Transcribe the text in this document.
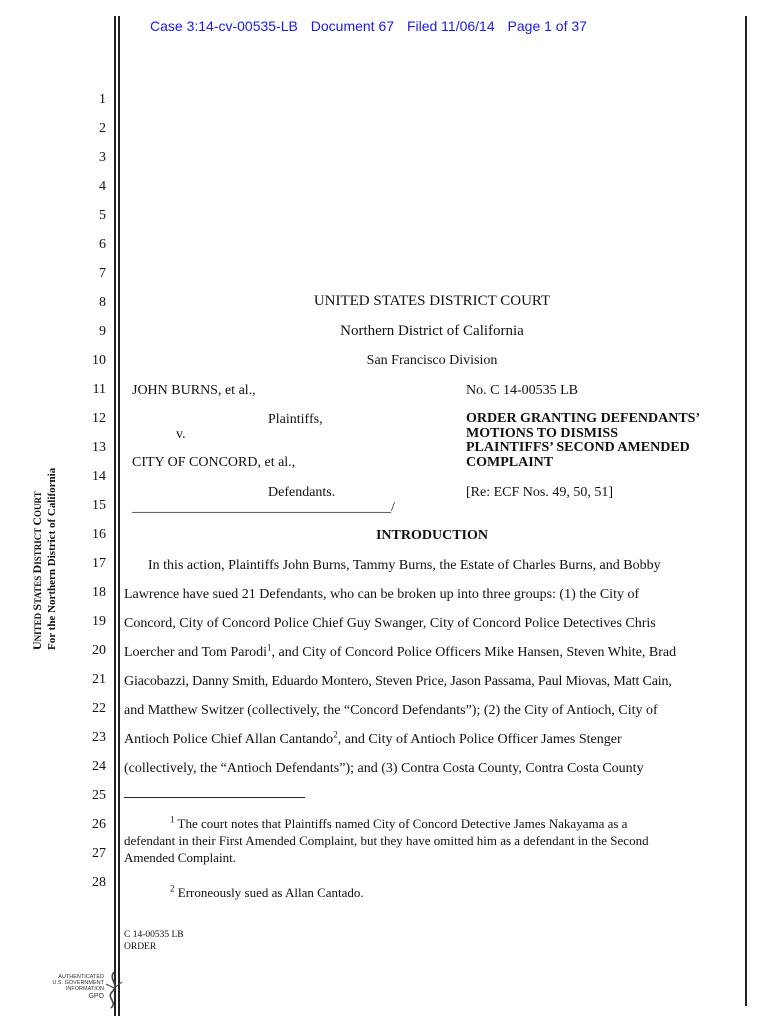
Case 3:14-cv-00535-LB Document 67 Filed 11/06/14 Page 1 of 37
1
2
3
4
5
6
7
8
9
10
11
12
13
14
15
16
17
18
19
20
21
22
23
24
25
26
27
28
UNITED STATES DISTRICT COURT For the Northern District of California
UNITED STATES DISTRICT COURT
Northern District of California
San Francisco Division
JOHN BURNS, et al.,
Plaintiffs,
v.
CITY OF CONCORD, et al.,
Defendants.
_____________________________________/
No. C 14-00535 LB
ORDER GRANTING DEFENDANTS’
MOTIONS TO DISMISS
PLAINTIFFS’ SECOND AMENDED
COMPLAINT
[Re: ECF Nos. 49, 50, 51]
INTRODUCTION
In this action, Plaintiffs John Burns, Tammy Burns, the Estate of Charles Burns, and Bobby
Lawrence have sued 21 Defendants, who can be broken up into three groups: (1) the City of
Concord, City of Concord Police Chief Guy Swanger, City of Concord Police Detectives Chris
Loercher and Tom Parodi$^1$, and City of Concord Police Officers Mike Hansen, Steven White, Brad
Giacobazzi, Danny Smith, Eduardo Montero, Steven Price, Jason Passama, Paul Miovas, Matt Cain,
and Matthew Switzer (collectively, the “Concord Defendants”); (2) the City of Antioch, City of
Antioch Police Chief Allan Cantando$^2$, and City of Antioch Police Officer James Stenger
(collectively, the “Antioch Defendants”); and (3) Contra Costa County, Contra Costa County
$^1$ The court notes that Plaintiffs named City of Concord Detective James Nakayama as a
defendant in their First Amended Complaint, but they have omitted him as a defendant in the Second
Amended Complaint.
$^2$ Erroneously sued as Allan Cantado.
C 14-00535 LB
ORDER
AUTHENTICATED
U.S. GOVERNMENT
INFORMATION
GPO
